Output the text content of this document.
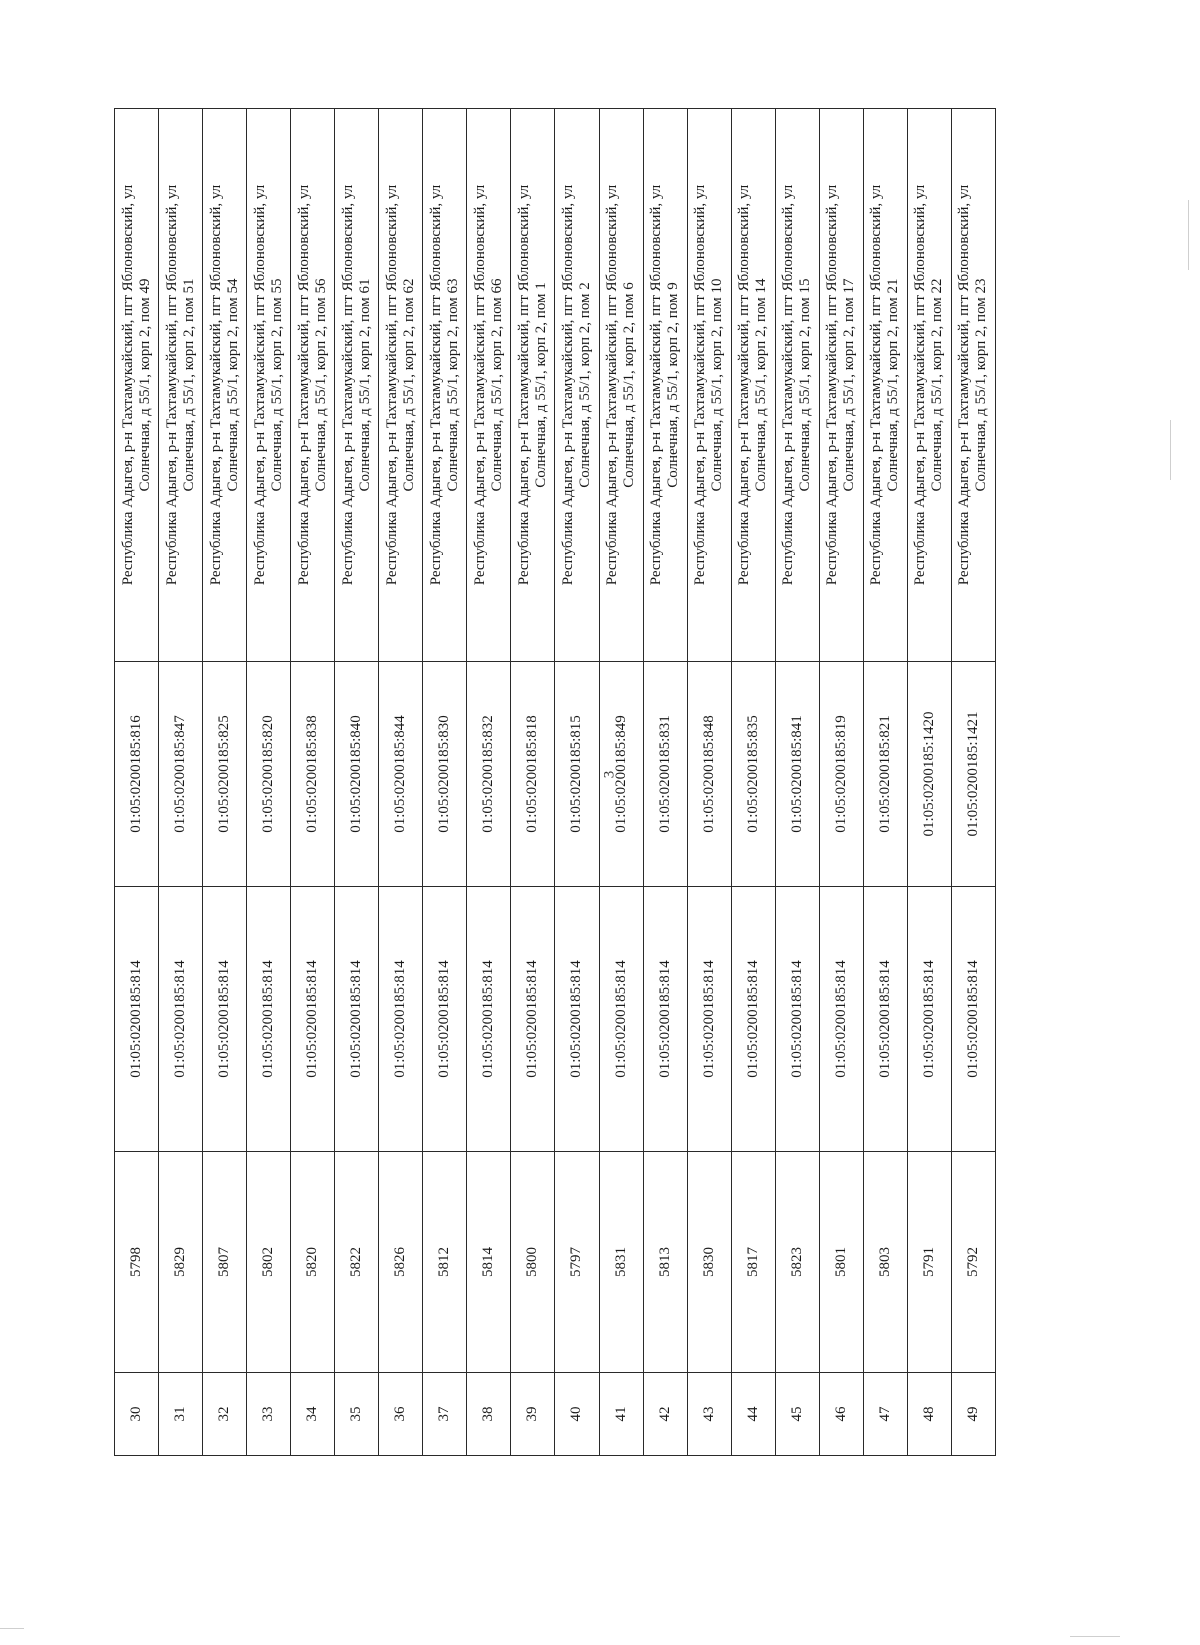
30	5798	01:05:0200185:814	01:05:0200185:816	Республика Адыгея, р-н Тахтамукайский, пгт Яблоновский, ул Солнечная, д 55/1, корп 2, пом 49

31	5829	01:05:0200185:814	01:05:0200185:847	Республика Адыгея, р-н Тахтамукайский, пгт Яблоновский, ул Солнечная, д 55/1, корп 2, пом 51

32	5807	01:05:0200185:814	01:05:0200185:825	Республика Адыгея, р-н Тахтамукайский, пгт Яблоновский, ул Солнечная, д 55/1, корп 2, пом 54

33	5802	01:05:0200185:814	01:05:0200185:820	Республика Адыгея, р-н Тахтамукайский, пгт Яблоновский, ул Солнечная, д 55/1, корп 2, пом 55

34	5820	01:05:0200185:814	01:05:0200185:838	Республика Адыгея, р-н Тахтамукайский, пгт Яблоновский, ул Солнечная, д 55/1, корп 2, пом 56

35	5822	01:05:0200185:814	01:05:0200185:840	Республика Адыгея, р-н Тахтамукайский, пгт Яблоновский, ул Солнечная, д 55/1, корп 2, пом 61

36	5826	01:05:0200185:814	01:05:0200185:844	Республика Адыгея, р-н Тахтамукайский, пгт Яблоновский, ул Солнечная, д 55/1, корп 2, пом 62

37	5812	01:05:0200185:814	01:05:0200185:830	Республика Адыгея, р-н Тахтамукайский, пгт Яблоновский, ул Солнечная, д 55/1, корп 2, пом 63

38	5814	01:05:0200185:814	01:05:0200185:832	Республика Адыгея, р-н Тахтамукайский, пгт Яблоновский, ул Солнечная, д 55/1, корп 2, пом 66

39	5800	01:05:0200185:814	01:05:0200185:818	Республика Адыгея, р-н Тахтамукайский, пгт Яблоновский, ул Солнечная, д 55/1, корп 2, пом 1

40	5797	01:05:0200185:814	01:05:0200185:815	Республика Адыгея, р-н Тахтамукайский, пгт Яблоновский, ул Солнечная, д 55/1, корп 2, пом 2

41	5831	01:05:0200185:814	01:05:0200185:849	Республика Адыгея, р-н Тахтамукайский, пгт Яблоновский, ул Солнечная, д 55/1, корп 2, пом 6

42	5813	01:05:0200185:814	01:05:0200185:831	Республика Адыгея, р-н Тахтамукайский, пгт Яблоновский, ул Солнечная, д 55/1, корп 2, пом 9

43	5830	01:05:0200185:814	01:05:0200185:848	Республика Адыгея, р-н Тахтамукайский, пгт Яблоновский, ул Солнечная, д 55/1, корп 2, пом 10

44	5817	01:05:0200185:814	01:05:0200185:835	Республика Адыгея, р-н Тахтамукайский, пгт Яблоновский, ул Солнечная, д 55/1, корп 2, пом 14

45	5823	01:05:0200185:814	01:05:0200185:841	Республика Адыгея, р-н Тахтамукайский, пгт Яблоновский, ул Солнечная, д 55/1, корп 2, пом 15

46	5801	01:05:0200185:814	01:05:0200185:819	Республика Адыгея, р-н Тахтамукайский, пгт Яблоновский, ул Солнечная, д 55/1, корп 2, пом 17

47	5803	01:05:0200185:814	01:05:0200185:821	Республика Адыгея, р-н Тахтамукайский, пгт Яблоновский, ул Солнечная, д 55/1, корп 2, пом 21

48	5791	01:05:0200185:814	01:05:0200185:1420	Республика Адыгея, р-н Тахтамукайский, пгт Яблоновский, ул Солнечная, д 55/1, корп 2, пом 22

49	5792	01:05:0200185:814	01:05:0200185:1421	Республика Адыгея, р-н Тахтамукайский, пгт Яблоновский, ул Солнечная, д 55/1, корп 2, пом 23
3
